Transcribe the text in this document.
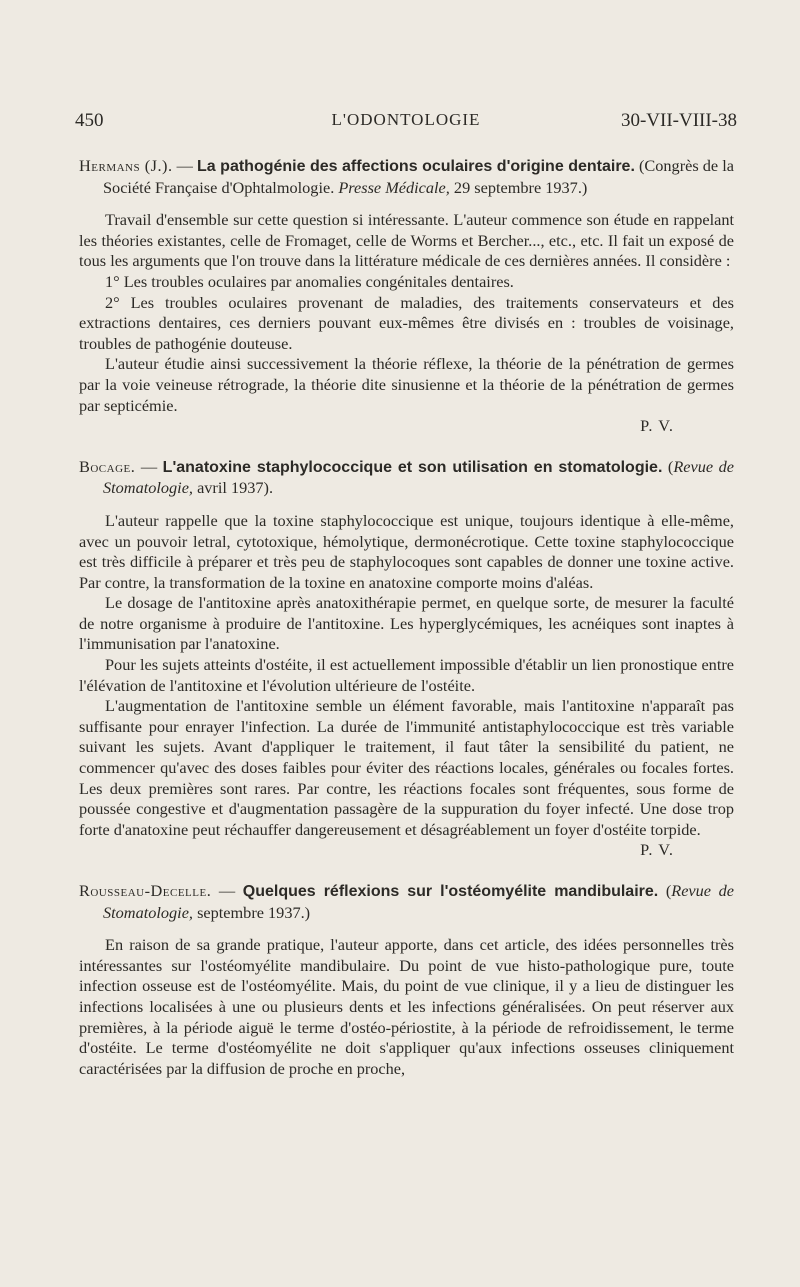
450	L'ODONTOLOGIE	30-VII-VIII-38
Hermans (J.). — La pathogénie des affections oculaires d'origine dentaire. (Congrès de la Société Française d'Ophtalmologie. Presse Médicale, 29 septembre 1937.)

Travail d'ensemble sur cette question si intéressante. L'auteur commence son étude en rappelant les théories existantes, celle de Fromaget, celle de Worms et Bercher..., etc., etc. Il fait un exposé de tous les arguments que l'on trouve dans la littérature médicale de ces dernières années. Il considère :

1° Les troubles oculaires par anomalies congénitales dentaires.

2° Les troubles oculaires provenant de maladies, des traitements conservateurs et des extractions dentaires, ces derniers pouvant eux-mêmes être divisés en : troubles de voisinage, troubles de pathogénie douteuse.

L'auteur étudie ainsi successivement la théorie réflexe, la théorie de la pénétration de germes par la voie veineuse rétrograde, la théorie dite sinusienne et la théorie de la pénétration de germes par septicémie.

P. V.
Bocage. — L'anatoxine staphylococcique et son utilisation en stomatologie. (Revue de Stomatologie, avril 1937).

L'auteur rappelle que la toxine staphylococcique est unique, toujours identique à elle-même, avec un pouvoir letral, cytotoxique, hémolytique, dermonécrotique. Cette toxine staphylococcique est très difficile à préparer et très peu de staphylocoques sont capables de donner une toxine active. Par contre, la transformation de la toxine en anatoxine comporte moins d'aléas.

Le dosage de l'antitoxine après anatoxithérapie permet, en quelque sorte, de mesurer la faculté de notre organisme à produire de l'antitoxine. Les hyperglycémiques, les acnéiques sont inaptes à l'immunisation par l'anatoxine.

Pour les sujets atteints d'ostéite, il est actuellement impossible d'établir un lien pronostique entre l'élévation de l'antitoxine et l'évolution ultérieure de l'ostéite.

L'augmentation de l'antitoxine semble un élément favorable, mais l'antitoxine n'apparaît pas suffisante pour enrayer l'infection. La durée de l'immunité antistaphylococcique est très variable suivant les sujets. Avant d'appliquer le traitement, il faut tâter la sensibilité du patient, ne commencer qu'avec des doses faibles pour éviter des réactions locales, générales ou focales fortes. Les deux premières sont rares. Par contre, les réactions focales sont fréquentes, sous forme de poussée congestive et d'augmentation passagère de la suppuration du foyer infecté. Une dose trop forte d'anatoxine peut réchauffer dangereusement et désagréablement un foyer d'ostéite torpide.

P. V.
Rousseau-Decelle. — Quelques réflexions sur l'ostéomyélite mandibulaire. (Revue de Stomatologie, septembre 1937.)

En raison de sa grande pratique, l'auteur apporte, dans cet article, des idées personnelles très intéressantes sur l'ostéomyélite mandibulaire. Du point de vue histo-pathologique pure, toute infection osseuse est de l'ostéomyélite. Mais, du point de vue clinique, il y a lieu de distinguer les infections localisées à une ou plusieurs dents et les infections généralisées. On peut réserver aux premières, à la période aiguë le terme d'ostéo-périostite, à la période de refroidissement, le terme d'ostéite. Le terme d'ostéomyélite ne doit s'appliquer qu'aux infections osseuses cliniquement caractérisées par la diffusion de proche en proche,
